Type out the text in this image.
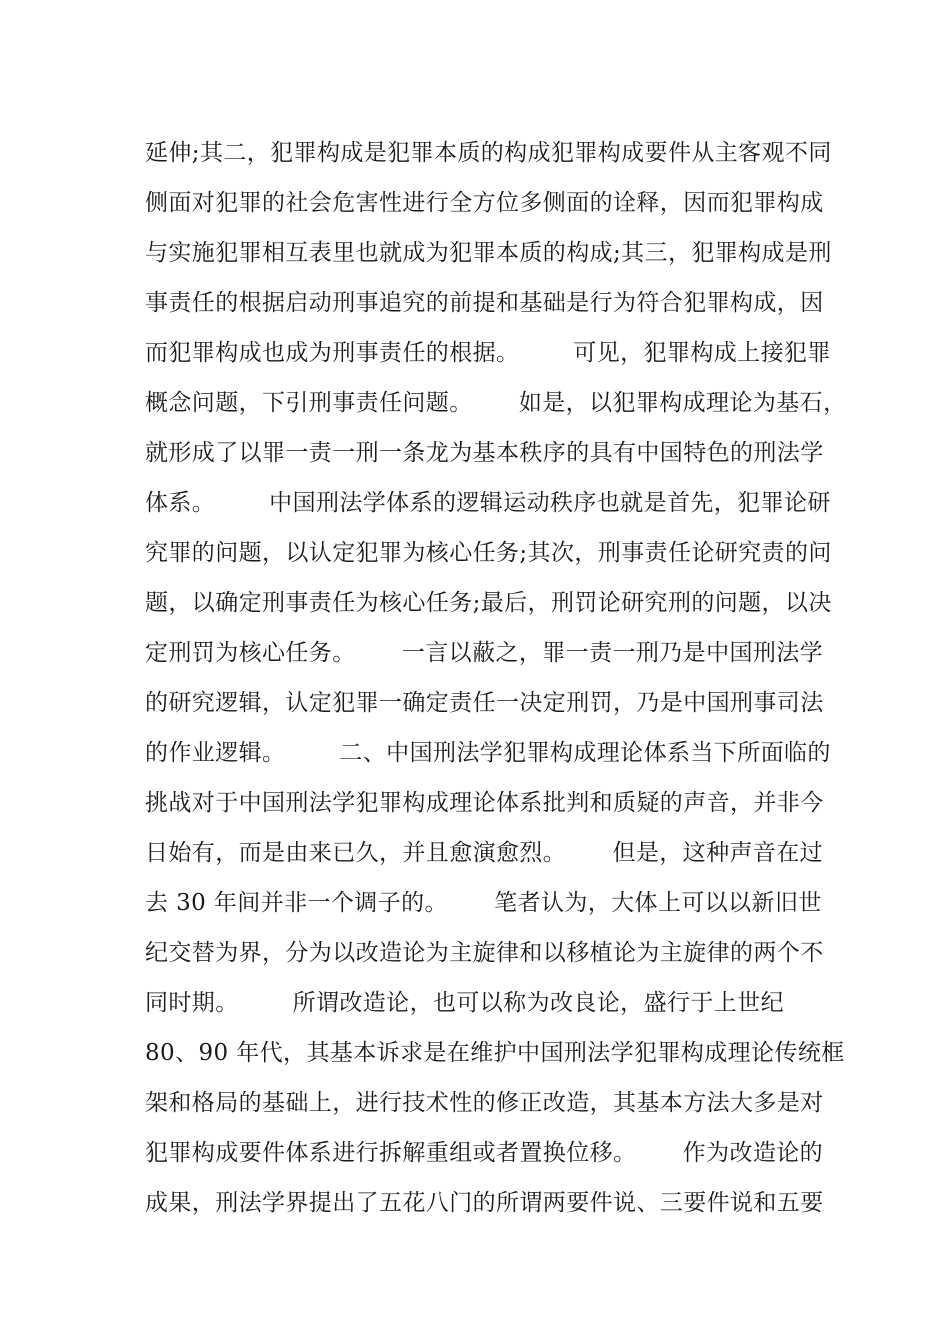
延伸;其二，犯罪构成是犯罪本质的构成犯罪构成要件从主客观不同
侧面对犯罪的社会危害性进行全方位多侧面的诠释，因而犯罪构成
与实施犯罪相互表里也就成为犯罪本质的构成;其三，犯罪构成是刑
事责任的根据启动刑事追究的前提和基础是行为符合犯罪构成，因
而犯罪构成也成为刑事责任的根据。       可见，犯罪构成上接犯罪
概念问题，下引刑事责任问题。      如是，以犯罪构成理论为基石，
就形成了以罪一责一刑一条龙为基本秩序的具有中国特色的刑法学
体系。       中国刑法学体系的逻辑运动秩序也就是首先，犯罪论研
究罪的问题，以认定犯罪为核心任务;其次，刑事责任论研究责的问
题，以确定刑事责任为核心任务;最后，刑罚论研究刑的问题，以决
定刑罚为核心任务。      一言以蔽之，罪一责一刑乃是中国刑法学
的研究逻辑，认定犯罪一确定责任一决定刑罚，乃是中国刑事司法
的作业逻辑。       二、中国刑法学犯罪构成理论体系当下所面临的
挑战对于中国刑法学犯罪构成理论体系批判和质疑的声音，并非今
日始有，而是由来已久，并且愈演愈烈。      但是，这种声音在过
去 30 年间并非一个调子的。      笔者认为，大体上可以以新旧世
纪交替为界，分为以改造论为主旋律和以移植论为主旋律的两个不
同时期。       所谓改造论，也可以称为改良论，盛行于上世纪
80、90 年代，其基本诉求是在维护中国刑法学犯罪构成理论传统框
架和格局的基础上，进行技术性的修正改造，其基本方法大多是对
犯罪构成要件体系进行拆解重组或者置换位移。      作为改造论的
成果，刑法学界提出了五花八门的所谓两要件说、三要件说和五要
